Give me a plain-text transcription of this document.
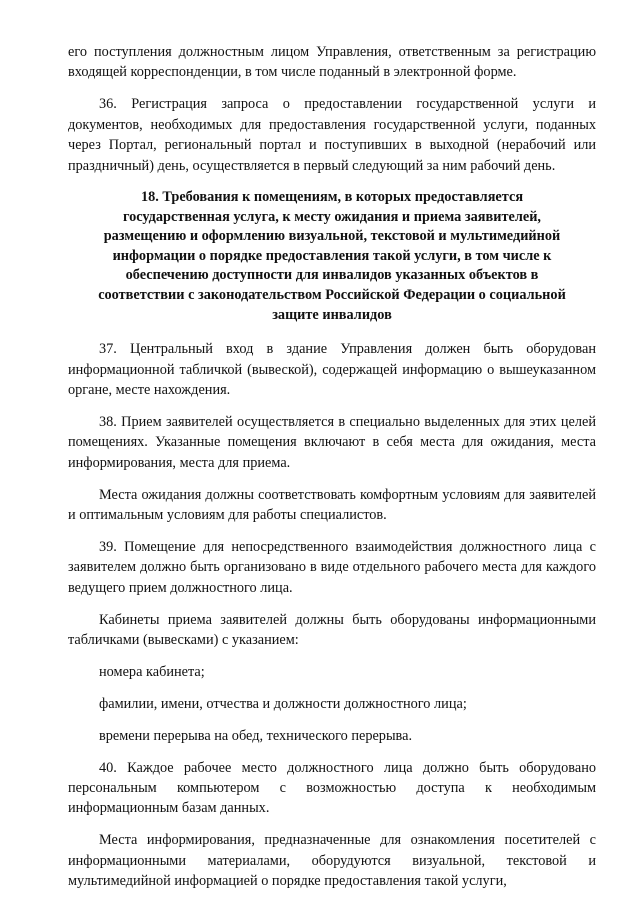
его поступления должностным лицом Управления, ответственным за регистрацию входящей корреспонденции, в том числе поданный в электронной форме.

36. Регистрация запроса о предоставлении государственной услуги и документов, необходимых для предоставления государственной услуги, поданных через Портал, региональный портал и поступивших в выходной (нерабочий или праздничный) день, осуществляется в первый следующий за ним рабочий день.

18. Требования к помещениям, в которых предоставляется государственная услуга, к месту ожидания и приема заявителей, размещению и оформлению визуальной, текстовой и мультимедийной информации о порядке предоставления такой услуги, в том числе к обеспечению доступности для инвалидов указанных объектов в соответствии с законодательством Российской Федерации о социальной защите инвалидов

37. Центральный вход в здание Управления должен быть оборудован информационной табличкой (вывеской), содержащей информацию о вышеуказанном органе, месте нахождения.

38. Прием заявителей осуществляется в специально выделенных для этих целей помещениях. Указанные помещения включают в себя места для ожидания, места информирования, места для приема.

Места ожидания должны соответствовать комфортным условиям для заявителей и оптимальным условиям для работы специалистов.

39. Помещение для непосредственного взаимодействия должностного лица с заявителем должно быть организовано в виде отдельного рабочего места для каждого ведущего прием должностного лица.

Кабинеты приема заявителей должны быть оборудованы информационными табличками (вывесками) с указанием:

номера кабинета;

фамилии, имени, отчества и должности должностного лица;

времени перерыва на обед, технического перерыва.

40. Каждое рабочее место должностного лица должно быть оборудовано персональным компьютером с возможностью доступа к необходимым информационным базам данных.

Места информирования, предназначенные для ознакомления посетителей с информационными материалами, оборудуются визуальной, текстовой и мультимедийной информацией о порядке предоставления такой услуги,
